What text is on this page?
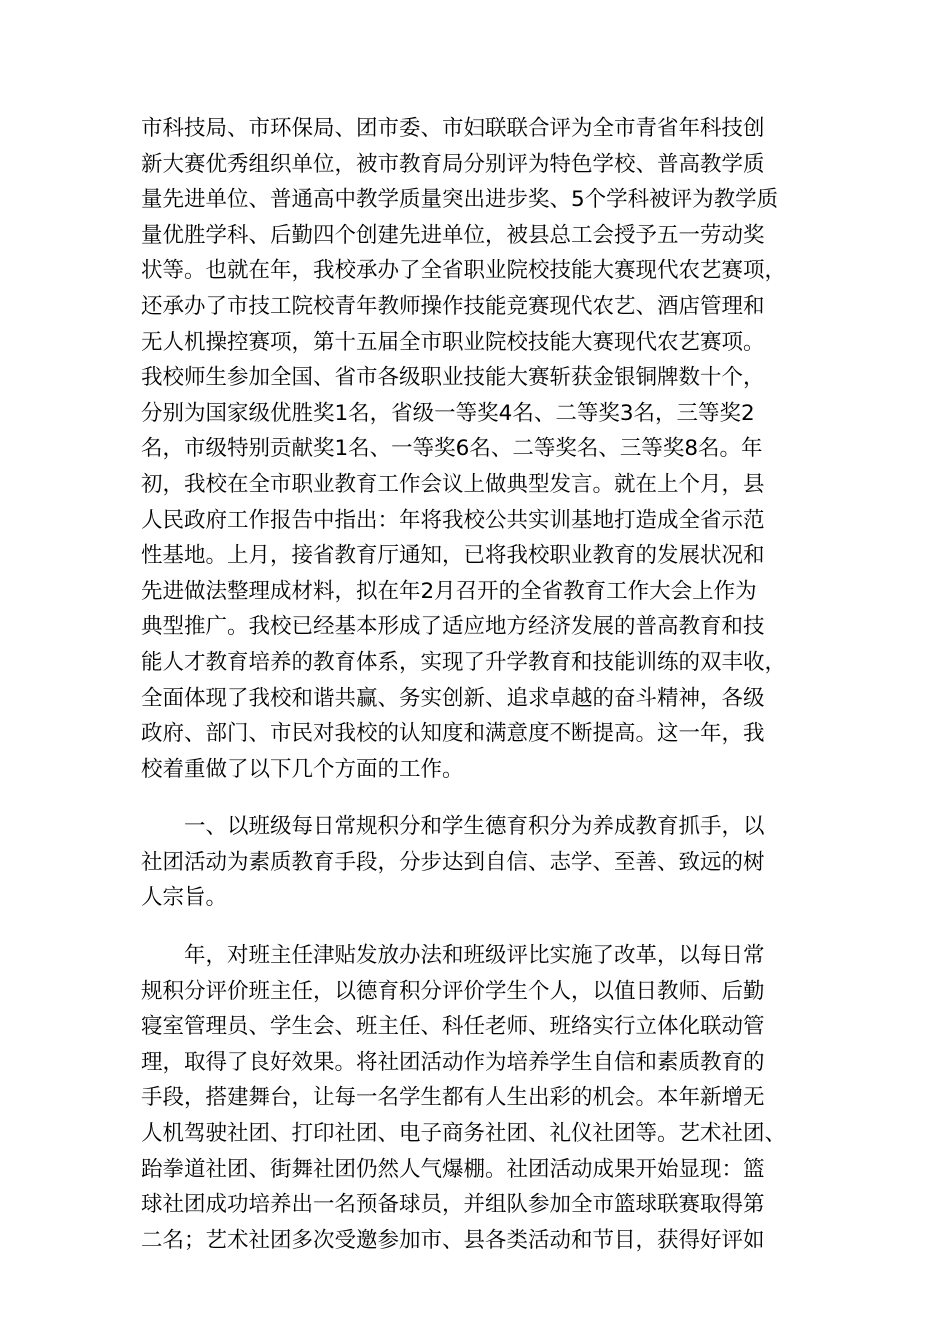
市科技局、市环保局、团市委、市妇联联合评为全市青省年科技创
新大赛优秀组织单位，被市教育局分别评为特色学校、普高教学质
量先进单位、普通高中教学质量突出进步奖、5个学科被评为教学质
量优胜学科、后勤四个创建先进单位，被县总工会授予五一劳动奖
状等。也就在年，我校承办了全省职业院校技能大赛现代农艺赛项，
还承办了市技工院校青年教师操作技能竞赛现代农艺、酒店管理和
无人机操控赛项，第十五届全市职业院校技能大赛现代农艺赛项。
我校师生参加全国、省市各级职业技能大赛斩获金银铜牌数十个，
分别为国家级优胜奖1名，省级一等奖4名、二等奖3名，三等奖2
名，市级特别贡献奖1名、一等奖6名、二等奖名、三等奖8名。年
初，我校在全市职业教育工作会议上做典型发言。就在上个月，县
人民政府工作报告中指出：年将我校公共实训基地打造成全省示范
性基地。上月，接省教育厅通知，已将我校职业教育的发展状况和
先进做法整理成材料，拟在年2月召开的全省教育工作大会上作为
典型推广。我校已经基本形成了适应地方经济发展的普高教育和技
能人才教育培养的教育体系，实现了升学教育和技能训练的双丰收，
全面体现了我校和谐共赢、务实创新、追求卓越的奋斗精神，各级
政府、部门、市民对我校的认知度和满意度不断提高。这一年，我
校着重做了以下几个方面的工作。
一、以班级每日常规积分和学生德育积分为养成教育抓手，以
社团活动为素质教育手段，分步达到自信、志学、至善、致远的树
人宗旨。
年，对班主任津贴发放办法和班级评比实施了改革，以每日常
规积分评价班主任，以德育积分评价学生个人，以值日教师、后勤
寝室管理员、学生会、班主任、科任老师、班络实行立体化联动管
理，取得了良好效果。将社团活动作为培养学生自信和素质教育的
手段，搭建舞台，让每一名学生都有人生出彩的机会。本年新增无
人机驾驶社团、打印社团、电子商务社团、礼仪社团等。艺术社团、
跆拳道社团、街舞社团仍然人气爆棚。社团活动成果开始显现：篮
球社团成功培养出一名预备球员，并组队参加全市篮球联赛取得第
二名；艺术社团多次受邀参加市、县各类活动和节目，获得好评如
